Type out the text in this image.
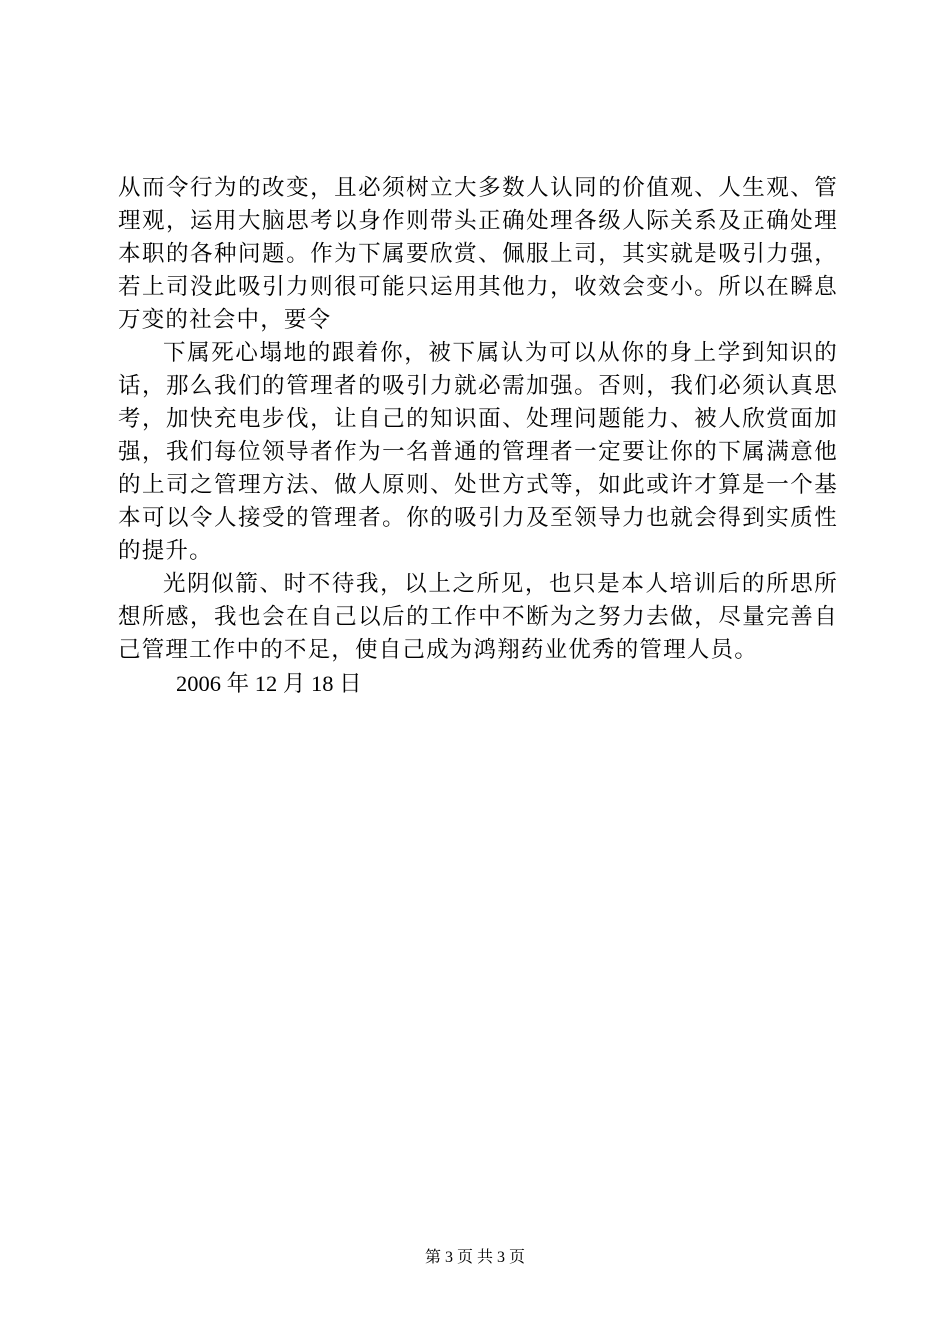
从而令行为的改变，且必须树立大多数人认同的价值观、人生观、管理观，运用大脑思考以身作则带头正确处理各级人际关系及正确处理本职的各种问题。作为下属要欣赏、佩服上司，其实就是吸引力强，若上司没此吸引力则很可能只运用其他力，收效会变小。所以在瞬息万变的社会中，要令

下属死心塌地的跟着你，被下属认为可以从你的身上学到知识的话，那么我们的管理者的吸引力就必需加强。否则，我们必须认真思考，加快充电步伐，让自己的知识面、处理问题能力、被人欣赏面加强，我们每位领导者作为一名普通的管理者一定要让你的下属满意他的上司之管理方法、做人原则、处世方式等，如此或许才算是一个基本可以令人接受的管理者。你的吸引力及至领导力也就会得到实质性的提升。

光阴似箭、时不待我，以上之所见，也只是本人培训后的所思所想所感，我也会在自己以后的工作中不断为之努力去做，尽量完善自己管理工作中的不足，使自己成为鸿翔药业优秀的管理人员。

2006 年 12 月 18 日

第 3 页 共 3 页
